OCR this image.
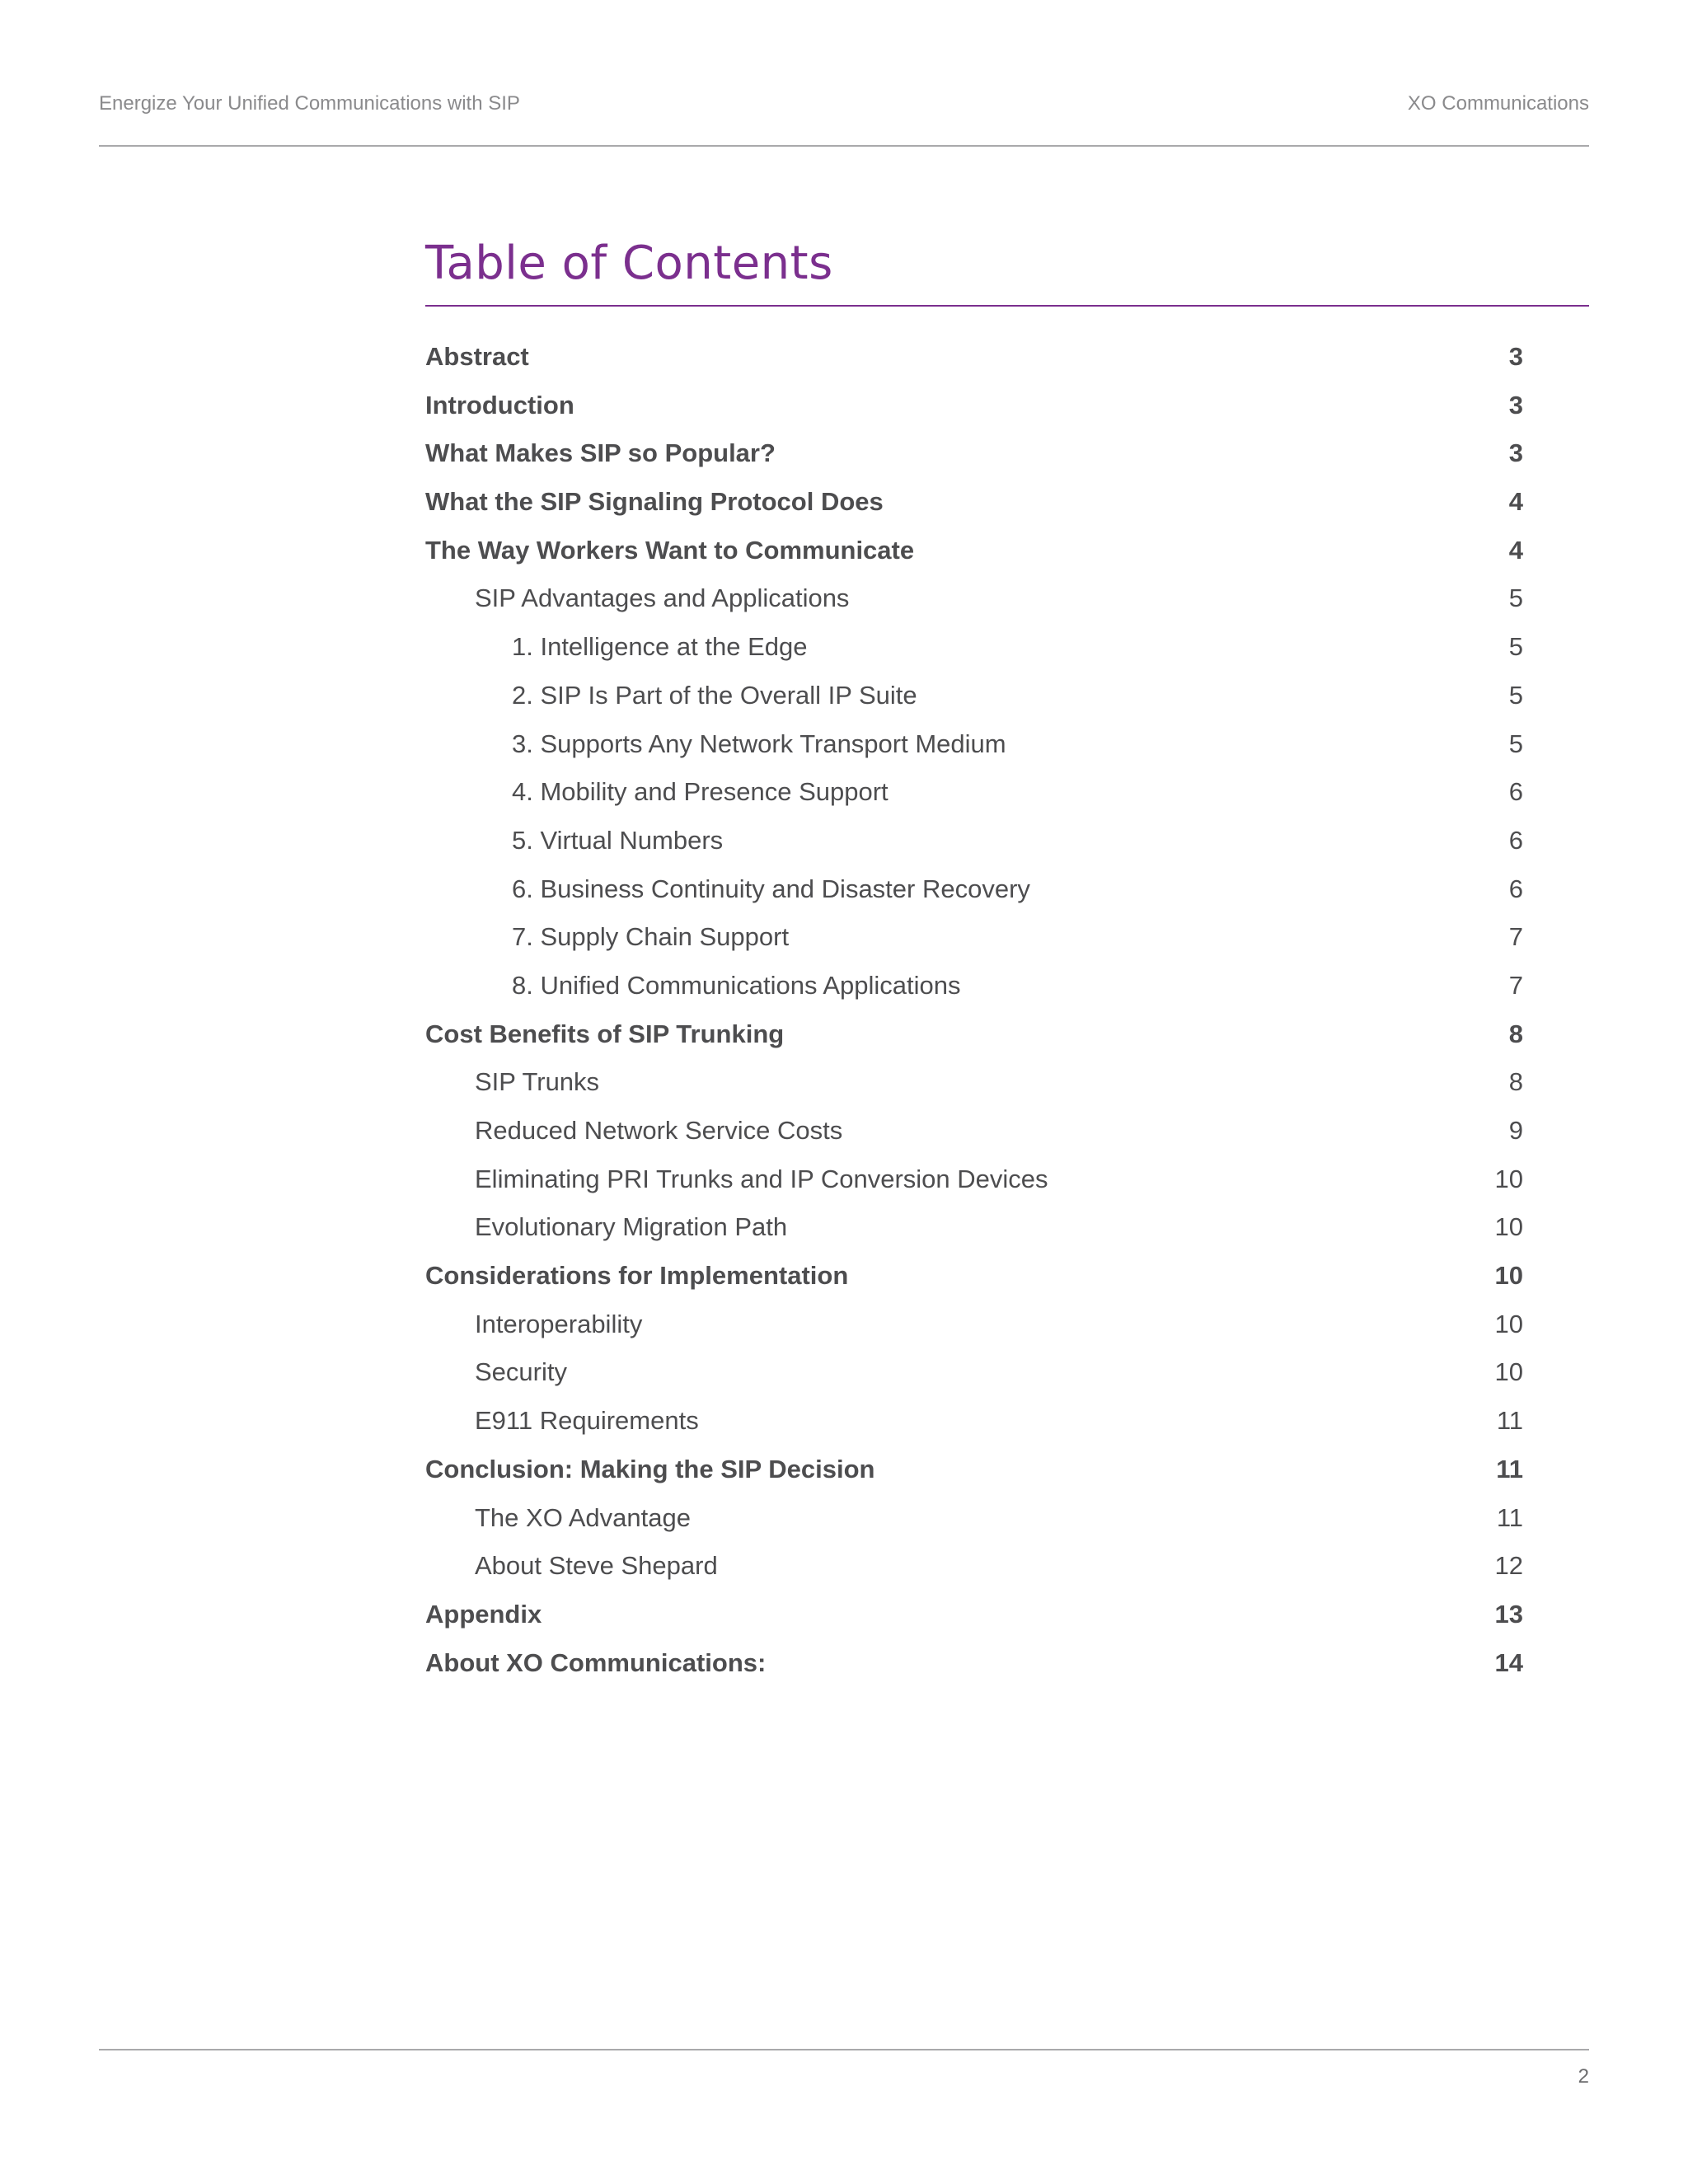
Energize Your Unified Communications with SIP	XO Communications
Table of Contents
Abstract	3
Introduction	3
What Makes SIP so Popular?	3
What the SIP Signaling Protocol Does	4
The Way Workers Want to Communicate	4
SIP Advantages and Applications	5
1. Intelligence at the Edge	5
2. SIP Is Part of the Overall IP Suite	5
3. Supports Any Network Transport Medium	5
4. Mobility and Presence Support	6
5. Virtual Numbers	6
6. Business Continuity and Disaster Recovery	6
7. Supply Chain Support	7
8. Unified Communications Applications	7
Cost Benefits of SIP Trunking	8
SIP Trunks	8
Reduced Network Service Costs	9
Eliminating PRI Trunks and IP Conversion Devices	10
Evolutionary Migration Path	10
Considerations for Implementation	10
Interoperability	10
Security	10
E911 Requirements	11
Conclusion: Making the SIP Decision	11
The XO Advantage	11
About Steve Shepard	12
Appendix	13
About XO Communications:	14
2
